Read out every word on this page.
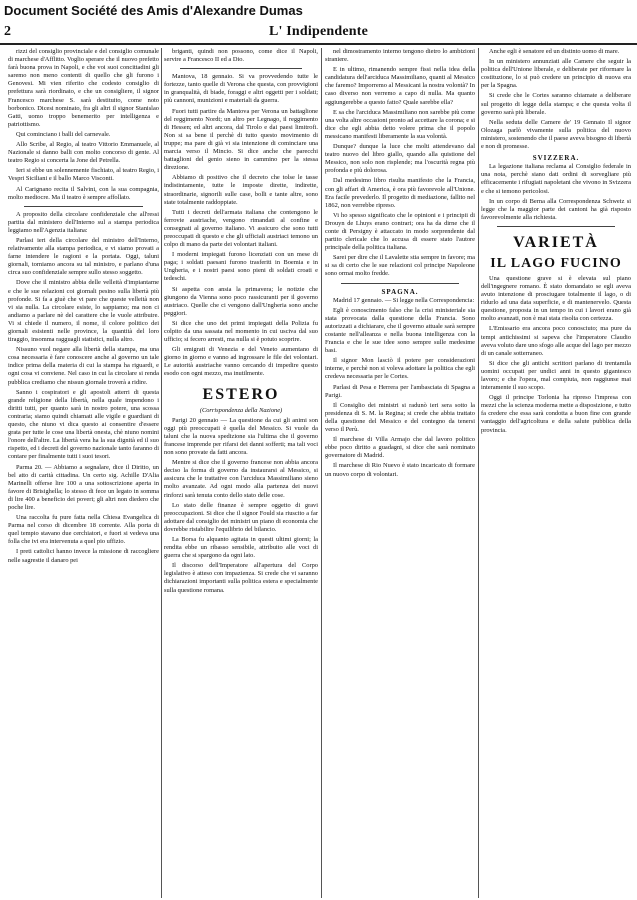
Document Société des Amis d'Alexandre Dumas
L' Indipendente
2

rizzi del consiglio provinciale e del consiglio comunale di marchese d'Afflitto. Voglio sperare che il nuovo prefetto farà buona prova in Napoli, e che voi suoi concittadini gli saremo non meno contenti di quello che gli furono i Genovesi. Mi vien riferito che codesto consiglio di prefettura sarà riordinato, e che un consigliere, il signor Francesco marchese S. sarà destituito, come noto borbonico. Dicesi nominato, fra gli altri il signor Stanislao Gatti, uomo troppo benemerito per intelligenza e patriottismo.

Qui cominciano i balli del carnevale.

Allo Scribe, al Regio, al teatro Vittorio Emmanuele, al Nazionale si danno balli con molto concorso di gente. Al teatro Regio si concerta la Jone del Petrella.

Ieri si ebbe un solennemente fischiato, al teatro Regio, i Vespri Siciliani e il ballo Marco Visconti.

Al Carignano recita il Salvini, con la sua compagnia, molto mediocre. Ma il teatro è sempre affollato.

A proposito della circolare confidenziale che all'ressi partita dal ministero dell'Interno sul a stampa periodica leggiamo nell'Agenzia italiana:

Parlasi ieri della circolare del ministro dell'Interno, relativamente alla stampa periodica, e vi siamo provati a farne intendere le ragioni e la portata. Oggi, taluni giornali, torniamo ancora su tal ministro, e parlano d'una circa suo confidenziale sempre sullo stesso soggetto.

Dove che il ministro abbia delle velleità d'impiantarne e che le sue relazioni coi giornali pesino sulla libertà più profonde. Si fa a giuè che vi pare che queste velleità non vi sia nulla. La circolare esiste, lo sappiamo; ma non ci andiamo a parlare nè del carattere che le vuole attribuire. Vi si chiede il numero, il nome, il colore politico dei giornali esistenti nelle province, la quantità del loro tiraggio, insomma ragguagli statistici, nulla altro.

Nissuno vuol negare alla libertà della stampa, ma una cosa necessaria è fare conoscere anche al governo un tale indice prima della materia di cui la stampa ha riguardi, e ogni cosa vi conviene. Nel caso in cui la circolare si renda pubblica crediamo che nissun giornale troverà a ridire.

Sanno i cospiratori e gli apostoli atterri di questa grande religione della libertà, nella quale impendono i diritti tutti, per quanto sarà in nostro potere, una scossa contraria; siamo quindi chiamati alle vigile e guardiani di questo, che niuno vi dica questo ai consentire d'essere grata per tutte le cose una libertà onesta, chè niuno nomini l'onore dell'altre. La libertà vera ha la sua dignità ed il suo rispetto, ed i decreti del governo nazionale tanto faranno di contare per finalmente tutti i suoi tesori.

Parma 20. — Abbiamo a segnalare, dice il Diritto, un bel atto di carità cittadina. Un certo sig. Achille D'Alia Marinelli offerse lire 100 a una sottoscrizione aperta in favore di Brisighella; lo stesso di fece un legato in somma di lire 400 a beneficio dei poveri; gli altri non diedero che poche lire.

Una raccolta fu pure fatta nella Chiesa Evangelica di Parma nel corso di dicembre 18 corrente. Alla porta di quel tempio stavano due cerchiatori, e fuori si vedeva una folla che ivi era intervenuta a quel pio uffizio.

I preti cattolici hanno invece la missione di raccogliere nelle sagrestie il danaro pei

briganti, quindi non possono, come dice il Napoli, servire a Francesco II ed a Dio.

Mantova, 18 gennaio. Si va provvedendo tutte le fortezze, tanto quelle di Verona che questa, con provvigioni in granqualità, di biade, foraggi e altri oggetti per i soldati; più cannoni, munizioni e materiali da guerra.

Fuori tutti partire da Mantova per Verona un battaglione del reggimento Nordt; un altro per Legnago, il reggimento di Hessen; ed altri ancora, dal Tirolo e dai paesi limitrofi. Non si sa bene il perchè di tutto questo movimento di truppe; ma pare di già vi sia intenzione di cominciare una marcia verso il Mincio. Si dice anche che parecchi battaglioni del genio sieno in cammino per la stessa direzione.

Abbiamo di positivo che il decreto che tolse le tasse indistintamente, tutte le imposte dirette, indirette, straordinarie, signorili sulle case, bolli e tante altre, sono state totalmente raddoppiate.

Tutti i decreti dell'armata italiana che contengono le ferrovie austriache, vengono rimandati al confine e consegnati al governo italiano. Vi assicuro che sono tutti preoccupati di questo e che gli ufficiali austriaci temono un colpo di mano da parte dei volontari italiani.

I moderni impiegati furono licenziati con un mese di paga; i soldati paesani furono trasferiti in Boemia e in Ungheria, e i nostri paesi sono pieni di soldati croati e tedeschi.

Si aspetta con ansia la primavera; le notizie che giungono da Vienna sono poco rassicuranti per il governo austriaco. Quelle che ci vengono dall'Ungheria sono anche peggiori.

Si dice che uno dei primi impiegati della Polizia fu colpito da una sassata nel momento in cui usciva dal suo ufficio; si fecero arresti, ma nulla si è potuto scoprire.

Gli emigrati di Venezia e del Veneto aumentano di giorno in giorno e vanno ad ingrossare le file dei volontari. Le autorità austriache vanno cercando di impedire questo esodo con ogni mezzo, ma inutilmente.

ESTERO
(Corrispondenza della Nazione)

Parigi 20 gennaio — La questione da cui gli animi son oggi più preoccupati è quella del Messico. Si vuole da taluni che la nuova spedizione sia l'ultima che il governo francese imprende per rifarsi dei danni sofferti; ma tali voci non sono provate da fatti ancora.

Mentre si dice che il governo francese non abbia ancora deciso la forma di governo da instaurarsi al Messico, si assicura che le trattative con l'arciduca Massimiliano sieno molto avanzate. Ad ogni modo alla partenza dei nuovi rinforzi sarà tenuta conto dello stato delle cose.

Lo stato delle finanze è sempre oggetto di gravi preoccupazioni. Si dice che il signor Fould sia riuscito a far adottare dal consiglio dei ministri un piano di economia che dovrebbe ristabilire l'equilibrio del bilancio.

La Borsa fu alquanto agitata in questi ultimi giorni; la rendita ebbe un ribasso sensibile, attribuito alle voci di guerra che si spargono da ogni lato.

Il discorso dell'Imperatore all'apertura del Corpo legislativo è atteso con impazienza. Si crede che vi saranno dichiarazioni importanti sulla politica estera e specialmente sulla questione romana.

nel dimostramento interno tengono dietro lo ambizioni straniere.

E in ultimo, rimanendo sempre fissi nella idea della candidatura dell'arciduca Massimiliano, quanti al Messico che faremo? Imporremo al Messicani la nostra volontà? In caso diverso non verremo a capo di nulla. Ma quanto aggiungerebbe a questo fatto? Quale sarebbe ella?

E sa che l'arciduca Massimiliano non sarebbe più come una volta altre occasioni pronto ad accettare la corona; e si dice che egli abbia detto volere prima che il popolo messicano manifesti liberamente la sua volontà.

Dunque? dunque la luce che molti attendevano dal teatro nuovo del libro giallo, quando alla quistione del Messico, non solo non risplende; ma l'oscurità regna più profonda e più dolorosa.

Dal medesimo libro risulta manifesto che la Francia, con gli affari di America, è ora più favorevole all'Unione. Era facile prevederlo. Il progetto di mediazione, fallito nel 1862, non verrebbe ripreso.

Vi ho spesso significato che le opinioni e i principii di Drouyn de Lhuys erano contrari; ora ha da dirne che il conte di Persigny è attaccato in modo sorprendente dal partito clericale che lo accusa di essere stato l'autore principale della politica italiana.

Sarei per dire che il Lavalette stia sempre in favore; ma si sa di certo che le sue relazioni col principe Napoleone sono ormai molto fredde.

SPAGNA.

Madrid 17 gennaio. — Si legge nella Correspondencia:

Egli è conoscimento falso che la crisi ministeriale sia stata provocata dalla questione della Francia. Sono autorizzati a dichiarare, che il governo attuale sarà sempre costante nell'alleanza e nella buona intelligenza con la Francia e che le sue idee sono sempre sulle medesime basi.

Il signor Mon lasciò il potere per considerazioni interne, e perchè non si voleva adottare la politica che egli credeva necessaria per le Cortes.

Parlasi di Pesa e Herrera per l'ambasciata di Spagna a Parigi.

Il Consiglio dei ministri si radunò ieri sera sotto la presidenza di S. M. la Regina; si crede che abbia trattato della questione del Messico e del contegno da tenersi verso il Perù.

Il marchese di Villa Armajo che dal lavoro politico ebbe poco diritto a guadagni, si dice che sarà nominato governatore di Madrid.

Il marchese di Rio Nuevo è stato incaricato di formare un nuovo corpo di volontari.

Anche egli è senatore ed un distinto uomo di mare.

In un ministero annunziati alle Camere che seguir la politica dell'Unione liberale, e deliberate per riformare la costituzione, lo si può credere un principio di nuova era per la Spagna.

Si crede che le Cortes saranno chiamate a deliberare sul progetto di legge della stampa; e che questa volta il governo sarà più liberale.

Nella seduta delle Camere de' 19 Gennaio Il signor Olozaga parlò vivamente sulla politica del nuovo ministero, sostenendo che il paese aveva bisogno di libertà e non di promesse.

SVIZZERA.

La legazione italiana reclama al Consiglio federale in una nota, perchè siano dati ordini di sorvegliare più efficacemente i rifugiati napoletani che vivono in Svizzera e che si temono pericolosi.

In un corpo di Berna alla Correspondenza Schweiz si legge che la maggior parte dei cantoni ha già risposto favorevolmente alla richiesta.

VARIETÀ
IL LAGO FUCINO

Una questione grave si è elevata sul piano dell'ingegnere romano. È stato domandato se egli aveva avuto intenzione di prosciugare totalmente il lago, o di ridurlo ad una data superficie, e di mantenervelo. Questa questione, proposta in un tempo in cui i lavori erano già molto avanzati, non è mai stata risolta con certezza.

L'Emissario era ancora poco conosciuto; ma pure da tempi antichissimi si sapeva che l'imperatore Claudio aveva voluto dare uno sfogo alle acque del lago per mezzo di un canale sotterraneo.

Si dice che gli antichi scrittori parlano di trentamila uomini occupati per undici anni in questo gigantesco lavoro; e che l'opera, mal compiuta, non raggiunse mai interamente il suo scopo.

Oggi il principe Torlonia ha ripreso l'impresa con mezzi che la scienza moderna mette a disposizione, e tutto fa credere che essa sarà condotta a buon fine con grande vantaggio dell'agricoltura e della salute pubblica della provincia.
